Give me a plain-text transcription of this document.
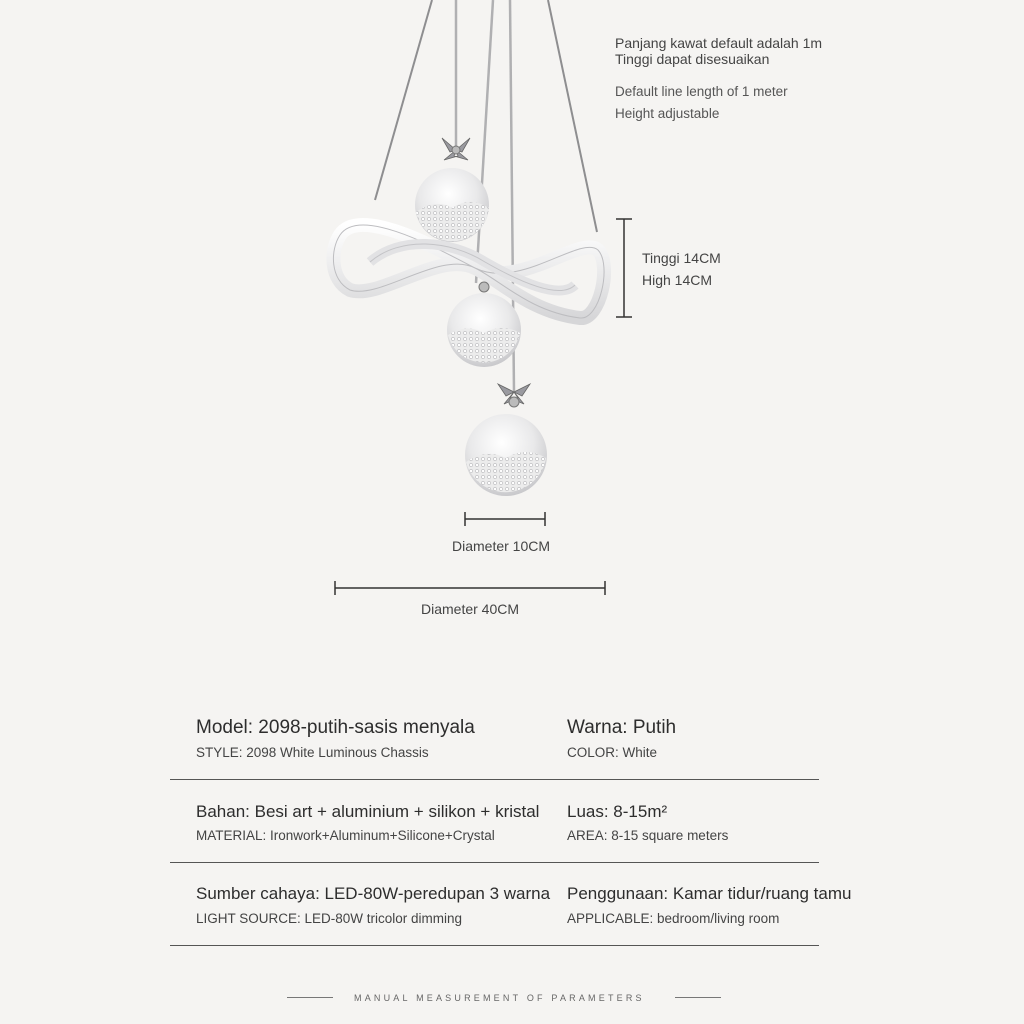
Panjang kawat default adalah 1m
Tinggi dapat disesuaikan
Default line length of 1 meter
Height adjustable
Tinggi 14CM
High 14CM
Diameter 10CM
Diameter 40CM
Model: 2098-putih-sasis menyala
STYLE: 2098 White Luminous Chassis
Warna: Putih
COLOR: White
Bahan: Besi art + aluminium + silikon + kristal
MATERIAL: Ironwork+Aluminum+Silicone+Crystal
Luas: 8-15m²
AREA: 8-15 square meters
Sumber cahaya: LED-80W-peredupan 3 warna
LIGHT SOURCE: LED-80W tricolor dimming
Penggunaan: Kamar tidur/ruang tamu
APPLICABLE: bedroom/living room
MANUAL MEASUREMENT OF PARAMETERS
